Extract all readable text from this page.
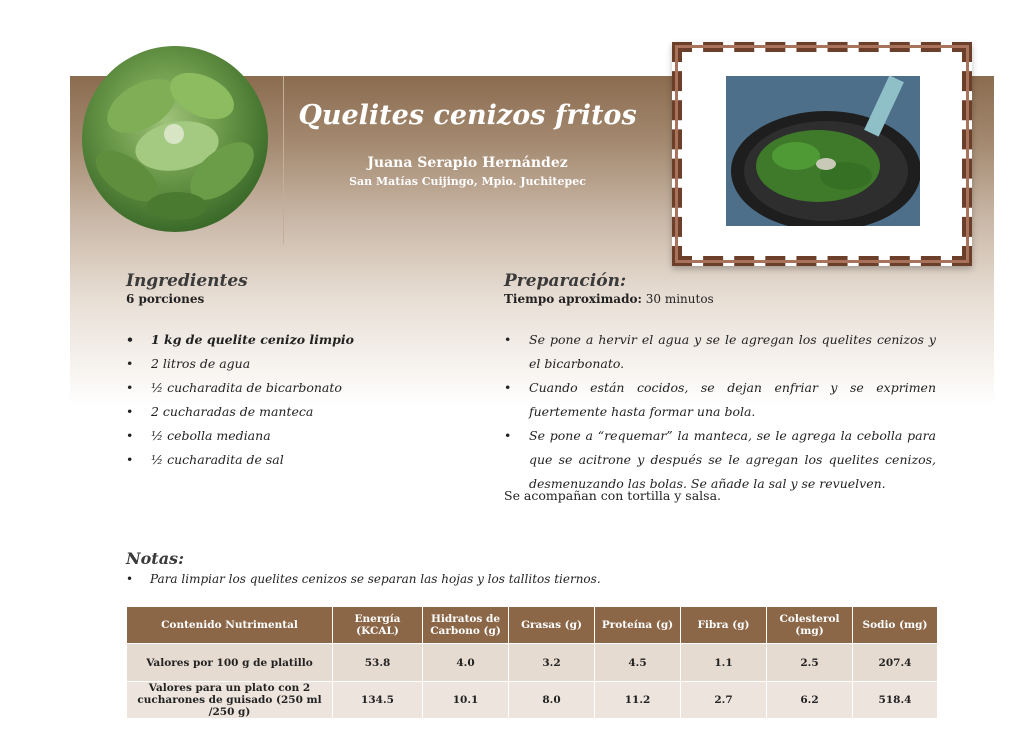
Quelites cenizos fritos
Juana Serapio Hernández
San Matías Cuijingo, Mpio. Juchitepec
Ingredientes
6 porciones
• 1 kg de quelite cenizo limpio
• 2 litros de agua
• ½ cucharadita de bicarbonato
• 2 cucharadas de manteca
• ½ cebolla mediana
• ½ cucharadita de sal
Preparación:
Tiempo aproximado: 30 minutos
• Se pone a hervir el agua y se le agregan los quelites cenizos y el bicarbonato.
• Cuando están cocidos, se dejan enfriar y se exprimen fuertemente hasta formar una bola.
• Se pone a “requemar” la manteca, se le agrega la cebolla para que se acitrone y después se le agregan los quelites cenizos, desmenuzando las bolas. Se añade la sal y se revuelven.
Se acompañan con tortilla y salsa.
Notas:
• Para limpiar los quelites cenizos se separan las hojas y los tallitos tiernos.
Contenido Nutrimental	Energía (KCAL)	Hidratos de Carbono (g)	Grasas (g)	Proteína (g)	Fibra (g)	Colesterol (mg)	Sodio (mg)
Valores por 100 g de platillo	53.8	4.0	3.2	4.5	1.1	2.5	207.4
Valores para un plato con 2 cucharones de guisado (250 ml /250 g)	134.5	10.1	8.0	11.2	2.7	6.2	518.4
